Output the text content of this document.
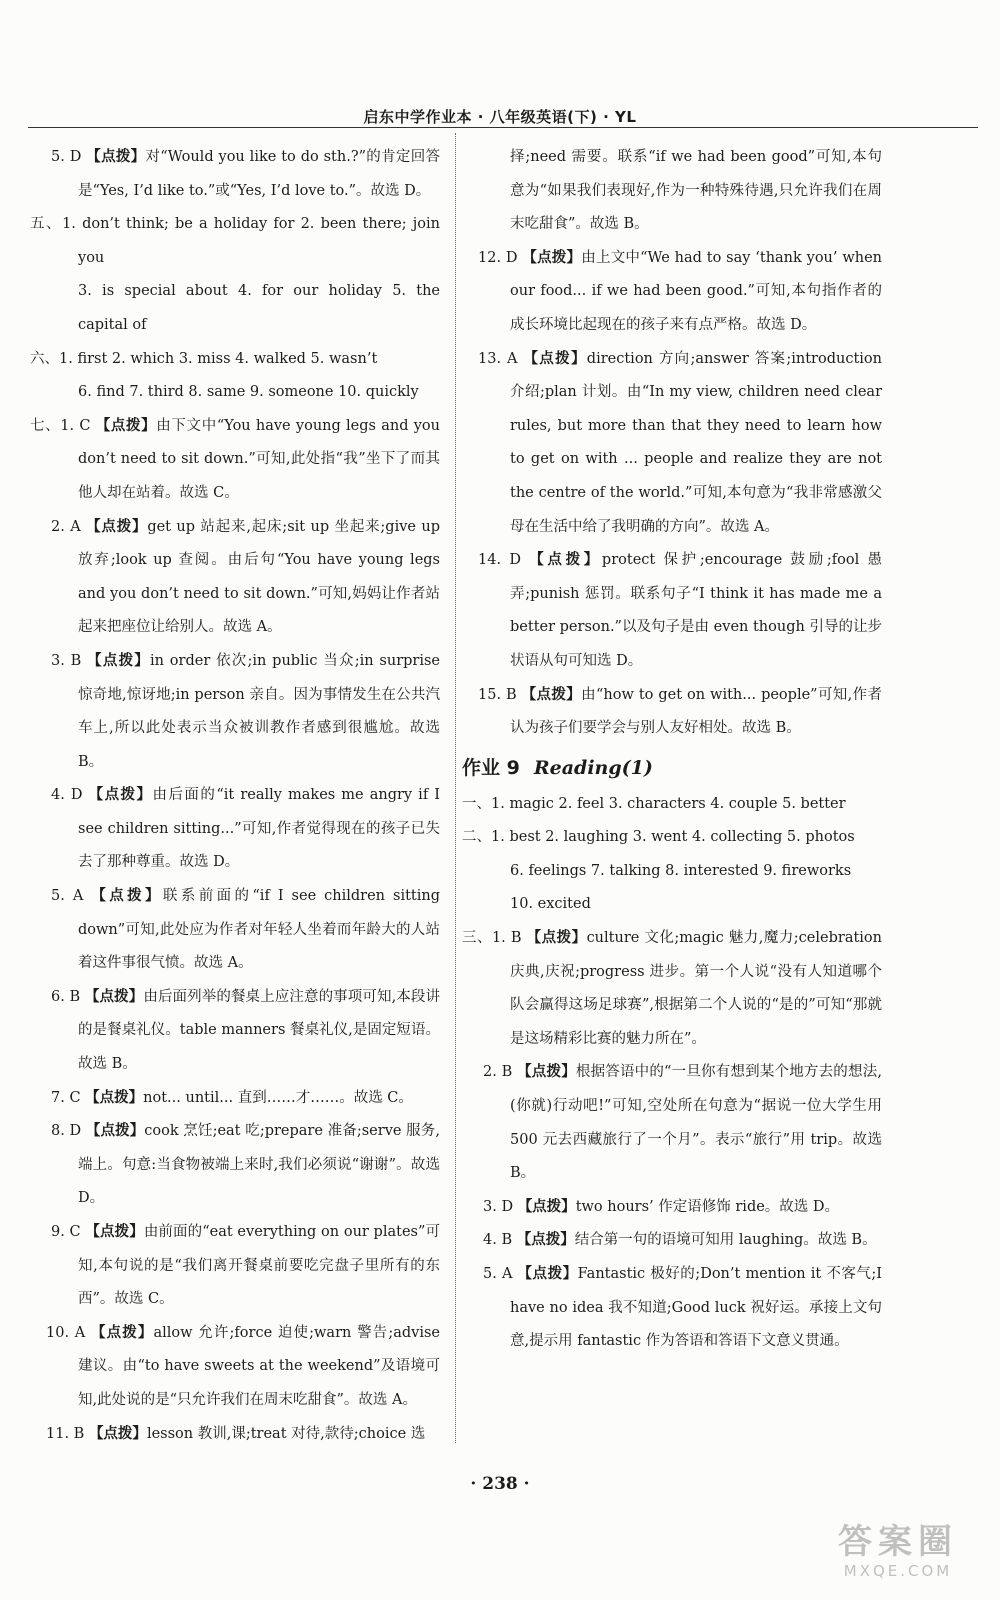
启东中学作业本 · 八年级英语(下) · YL
5. D 【点拨】对“Would you like to do sth.?”的肯定回答是“Yes, I’d like to.”或“Yes, I’d love to.”。故选 D。
五、1. don’t think; be a holiday for 2. been there; join you
3. is special about 4. for our holiday 5. the capital of
六、1. first 2. which 3. miss 4. walked 5. wasn’t
6. find 7. third 8. same 9. someone 10. quickly
七、1. C 【点拨】由下文中“You have young legs and you don’t need to sit down.”可知,此处指“我”坐下了而其他人却在站着。故选 C。
2. A 【点拨】get up 站起来,起床;sit up 坐起来;give up 放弃;look up 查阅。由后句“You have young legs and you don’t need to sit down.”可知,妈妈让作者站起来把座位让给别人。故选 A。
3. B 【点拨】in order 依次;in public 当众;in surprise 惊奇地,惊讶地;in person 亲自。因为事情发生在公共汽车上,所以此处表示当众被训教作者感到很尴尬。故选 B。
4. D 【点拨】由后面的“it really makes me angry if I see children sitting...”可知,作者觉得现在的孩子已失去了那种尊重。故选 D。
5. A 【点拨】联系前面的“if I see children sitting down”可知,此处应为作者对年轻人坐着而年龄大的人站着这件事很气愤。故选 A。
6. B 【点拨】由后面列举的餐桌上应注意的事项可知,本段讲的是餐桌礼仪。table manners 餐桌礼仪,是固定短语。故选 B。
7. C 【点拨】not... until... 直到……才……。故选 C。
8. D 【点拨】cook 烹饪;eat 吃;prepare 准备;serve 服务,端上。句意:当食物被端上来时,我们必须说“谢谢”。故选 D。
9. C 【点拨】由前面的“eat everything on our plates”可知,本句说的是“我们离开餐桌前要吃完盘子里所有的东西”。故选 C。
10. A 【点拨】allow 允许;force 迫使;warn 警告;advise 建议。由“to have sweets at the weekend”及语境可知,此处说的是“只允许我们在周末吃甜食”。故选 A。
11. B 【点拨】lesson 教训,课;treat 对待,款待;choice 选
择;need 需要。联系“if we had been good”可知,本句意为“如果我们表现好,作为一种特殊待遇,只允许我们在周末吃甜食”。故选 B。
12. D 【点拨】由上文中“We had to say ‘thank you’ when our food... if we had been good.”可知,本句指作者的成长环境比起现在的孩子来有点严格。故选 D。
13. A 【点拨】direction 方向;answer 答案;introduction 介绍;plan 计划。由“In my view, children need clear rules, but more than that they need to learn how to get on with ... people and realize they are not the centre of the world.”可知,本句意为“我非常感激父母在生活中给了我明确的方向”。故选 A。
14. D 【点拨】protect 保护;encourage 鼓励;fool 愚弄;punish 惩罚。联系句子“I think it has made me a better person.”以及句子是由 even though 引导的让步状语从句可知选 D。
15. B 【点拨】由“how to get on with... people”可知,作者认为孩子们要学会与别人友好相处。故选 B。
作业 9 Reading(1)
一、1. magic 2. feel 3. characters 4. couple 5. better
二、1. best 2. laughing 3. went 4. collecting 5. photos
6. feelings 7. talking 8. interested 9. fireworks
10. excited
三、1. B 【点拨】culture 文化;magic 魅力,魔力;celebration 庆典,庆祝;progress 进步。第一个人说“没有人知道哪个队会赢得这场足球赛”,根据第二个人说的“是的”可知“那就是这场精彩比赛的魅力所在”。
2. B 【点拨】根据答语中的“一旦你有想到某个地方去的想法,(你就)行动吧!”可知,空处所在句意为“据说一位大学生用 500 元去西藏旅行了一个月”。表示“旅行”用 trip。故选 B。
3. D 【点拨】two hours’ 作定语修饰 ride。故选 D。
4. B 【点拨】结合第一句的语境可知用 laughing。故选 B。
5. A 【点拨】Fantastic 极好的;Don’t mention it 不客气;I have no idea 我不知道;Good luck 祝好运。承接上文句意,提示用 fantastic 作为答语和答语下文意义贯通。
· 238 ·
答案圈
MXQE.COM
